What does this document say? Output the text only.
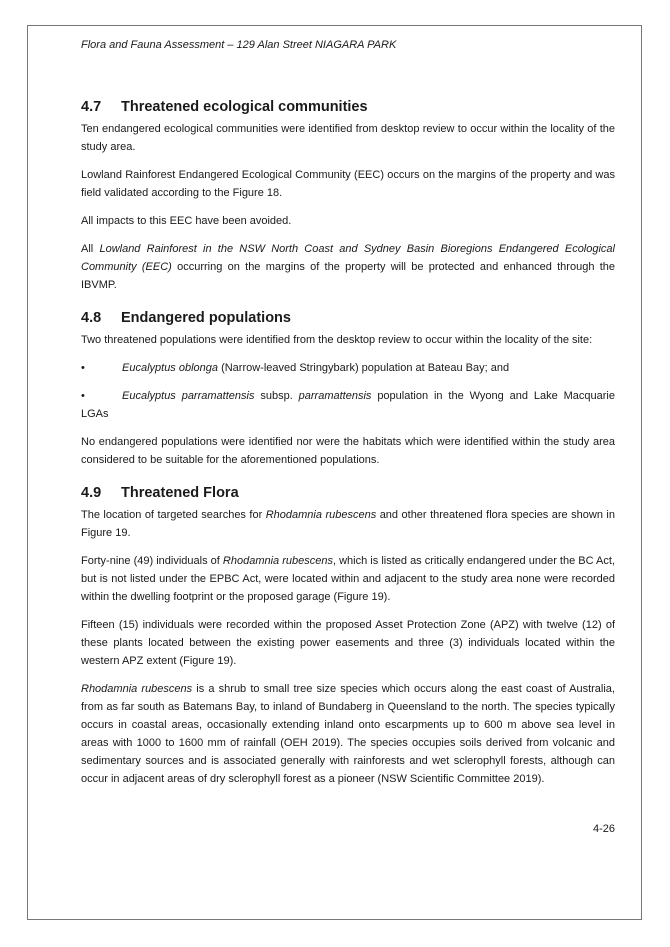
Flora and Fauna Assessment – 129 Alan Street NIAGARA PARK

4.7 Threatened ecological communities

Ten endangered ecological communities were identified from desktop review to occur within the locality of the study area.

Lowland Rainforest Endangered Ecological Community (EEC) occurs on the margins of the property and was field validated according to the Figure 18.

All impacts to this EEC have been avoided.

All Lowland Rainforest in the NSW North Coast and Sydney Basin Bioregions Endangered Ecological Community (EEC) occurring on the margins of the property will be protected and enhanced through the IBVMP.

4.8 Endangered populations

Two threatened populations were identified from the desktop review to occur within the locality of the site:

•	Eucalyptus oblonga (Narrow-leaved Stringybark) population at Bateau Bay; and

•	Eucalyptus parramattensis subsp. parramattensis population in the Wyong and Lake Macquarie LGAs

No endangered populations were identified nor were the habitats which were identified within the study area considered to be suitable for the aforementioned populations.

4.9 Threatened Flora

The location of targeted searches for Rhodamnia rubescens and other threatened flora species are shown in Figure 19.

Forty-nine (49) individuals of Rhodamnia rubescens, which is listed as critically endangered under the BC Act, but is not listed under the EPBC Act, were located within and adjacent to the study area none were recorded within the dwelling footprint or the proposed garage (Figure 19).

Fifteen (15) individuals were recorded within the proposed Asset Protection Zone (APZ) with twelve (12) of these plants located between the existing power easements and three (3) individuals located within the western APZ extent (Figure 19).

Rhodamnia rubescens is a shrub to small tree size species which occurs along the east coast of Australia, from as far south as Batemans Bay, to inland of Bundaberg in Queensland to the north. The species typically occurs in coastal areas, occasionally extending inland onto escarpments up to 600 m above sea level in areas with 1000 to 1600 mm of rainfall (OEH 2019). The species occupies soils derived from volcanic and sedimentary sources and is associated generally with rainforests and wet sclerophyll forests, although can occur in adjacent areas of dry sclerophyll forest as a pioneer (NSW Scientific Committee 2019).

4-26
